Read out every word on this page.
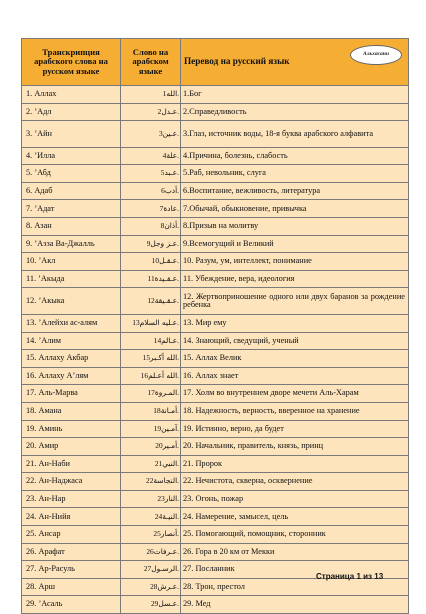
Транскрипция арабского слова на русском языке	Слово на арабском языке	Перевод на русский язык
Альхасани

1. Аллах	الله1.	1.Бог
2. ʼАдл	عـدل2.	2.Справедливость
3. ʼАйн	عـين3.	3.Глаз, источник воды, 18-я буква арабского алфавита
4. ʼИлла	علة4.	4.Причина, болезнь, слабость
5. ʼАбд	عـبد5.	5.Раб, невольник, слуга
6. Адаб	أدب6.	6.Воспитание, вежливость, литература
7. ʼАдат	عادة7.	7.Обычай, обыкновение, привычка
8. Азан	أذان8.	8.Призыв на молитву
9. ʼАзза Ва-Джалль	عـز وجل9.	9.Всемогущий и Великий
10. ʼАкл	عـقـل10.	10. Разум, ум, интеллект, понимание
11. ʼАкыда	عـقـيدة11.	11. Убеждение, вера, идеология
12. ʼАкыка	عـقـيقة12.	12. Жертвоприношение одного или двух баранов за рождение ребенка
13. ʼАлейхи ас-алям	عـليه السلام13.	13. Мир ему
14. ʼАлим	عـالم14.	14. Знающий, сведущий, ученый
15. Аллаху Акбар	الله أكـبر15.	15. Аллах Велик
16. Аллаху Аʼлям	الله أعـلم16.	16. Аллах знает
17. Аль-Марва	المـروة17.	17. Холм во внутреннем дворе мечети Аль-Харам
18. Амана	أمـانة18.	18. Надежность, верность, вверенное на хранение
19. Аминь	آمـين19.	19. Истинно, верно, да будет
20. Амир	أمـير20.	20. Начальник, правитель, князь, принц
21. Ан-Наби	النبي21.	21. Пророк
22. Ан-Наджаса	النجاسة22.	22. Нечистота, скверна, осквернение
23. Ан-Нар	النار23.	23. Огонь, пожар
24. Ан-Нийя	النيـة24.	24. Намерение, замысел, цель
25. Ансар	أنصار25.	25. Помогающий, помощник, сторонник
26. Арафат	عـرفات26.	26. Гора в 20 км от Мекки
27. Ар-Расуль	الرسـول27.	27. Посланник
28. Арш	عـرش28.	28. Трон, престол
29. ʼАсаль	عـسل29.	29. Мед
Страница 1 из 13
